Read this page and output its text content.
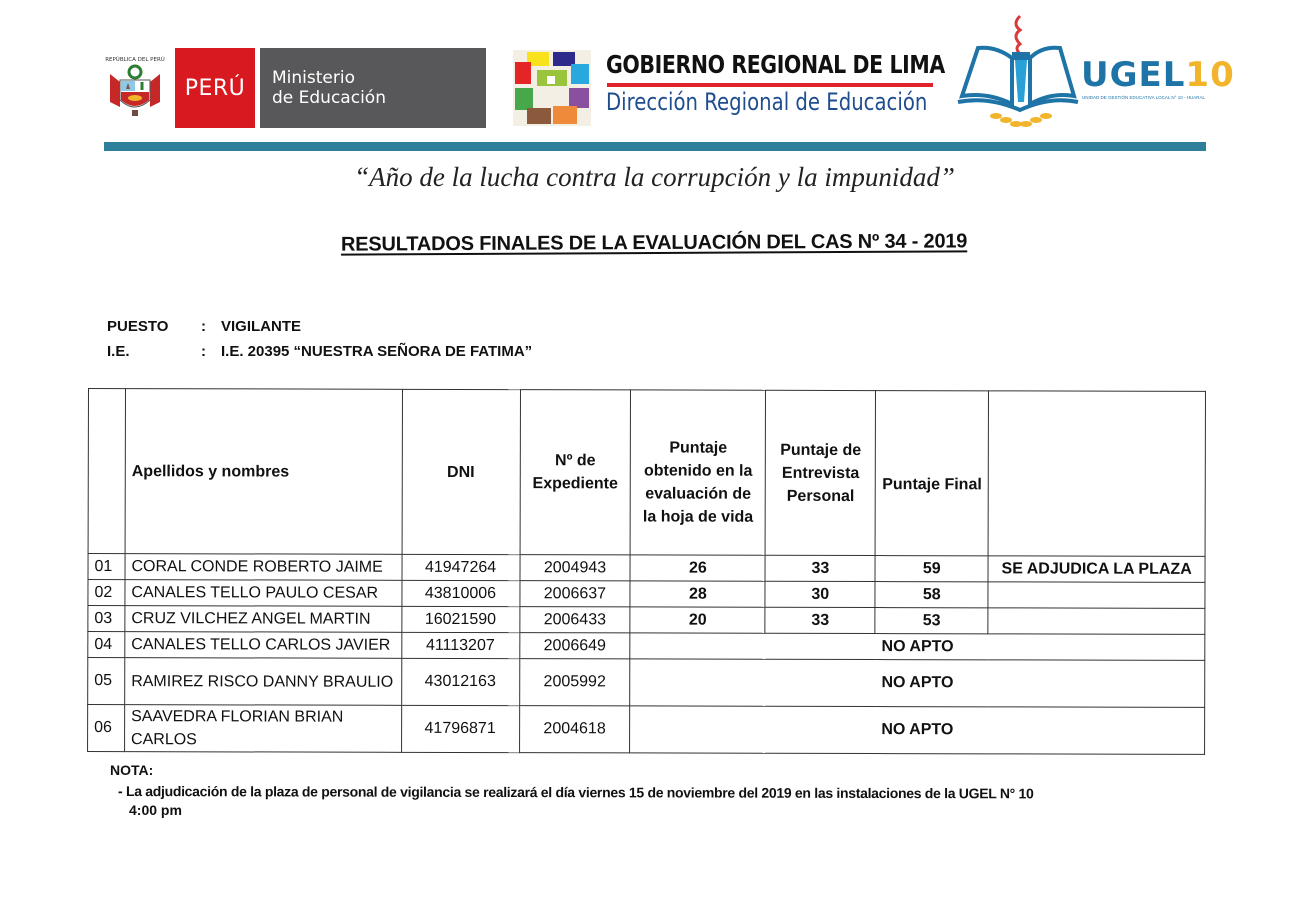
REPÚBLICA DEL PERÚ
PERÚ	Ministerio
de Educación
GOBIERNO REGIONAL DE LIMA
Dirección Regional de Educación
UGEL10
UNIDAD DE GESTIÓN EDUCATIVA LOCAL N° 10 - HUARAL
“Año de la lucha contra la corrupción y la impunidad”
RESULTADOS FINALES DE LA EVALUACIÓN DEL CAS Nº 34 - 2019
PUESTO : VIGILANTE
I.E.	: I.E. 20395 “NUESTRA SEÑORA DE FATIMA”
	Apellidos y nombres	DNI	Nº de Expediente	Puntaje obtenido en la evaluación de la hoja de vida	Puntaje de Entrevista Personal	Puntaje Final	
01	CORAL CONDE ROBERTO JAIME	41947264	2004943	26	33	59	SE ADJUDICA LA PLAZA
02	CANALES TELLO PAULO CESAR	43810006	2006637	28	30	58	
03	CRUZ VILCHEZ ANGEL MARTIN	16021590	2006433	20	33	53	
04	CANALES TELLO CARLOS JAVIER	41113207	2006649	NO APTO			
05	RAMIREZ RISCO DANNY BRAULIO	43012163	2005992	NO APTO			
06	SAAVEDRA FLORIAN BRIAN CARLOS	41796871	2004618	NO APTO			
NOTA:
- La adjudicación de la plaza de personal de vigilancia se realizará el día viernes 15 de noviembre del 2019 en las instalaciones de la UGEL N° 10
4:00 pm
